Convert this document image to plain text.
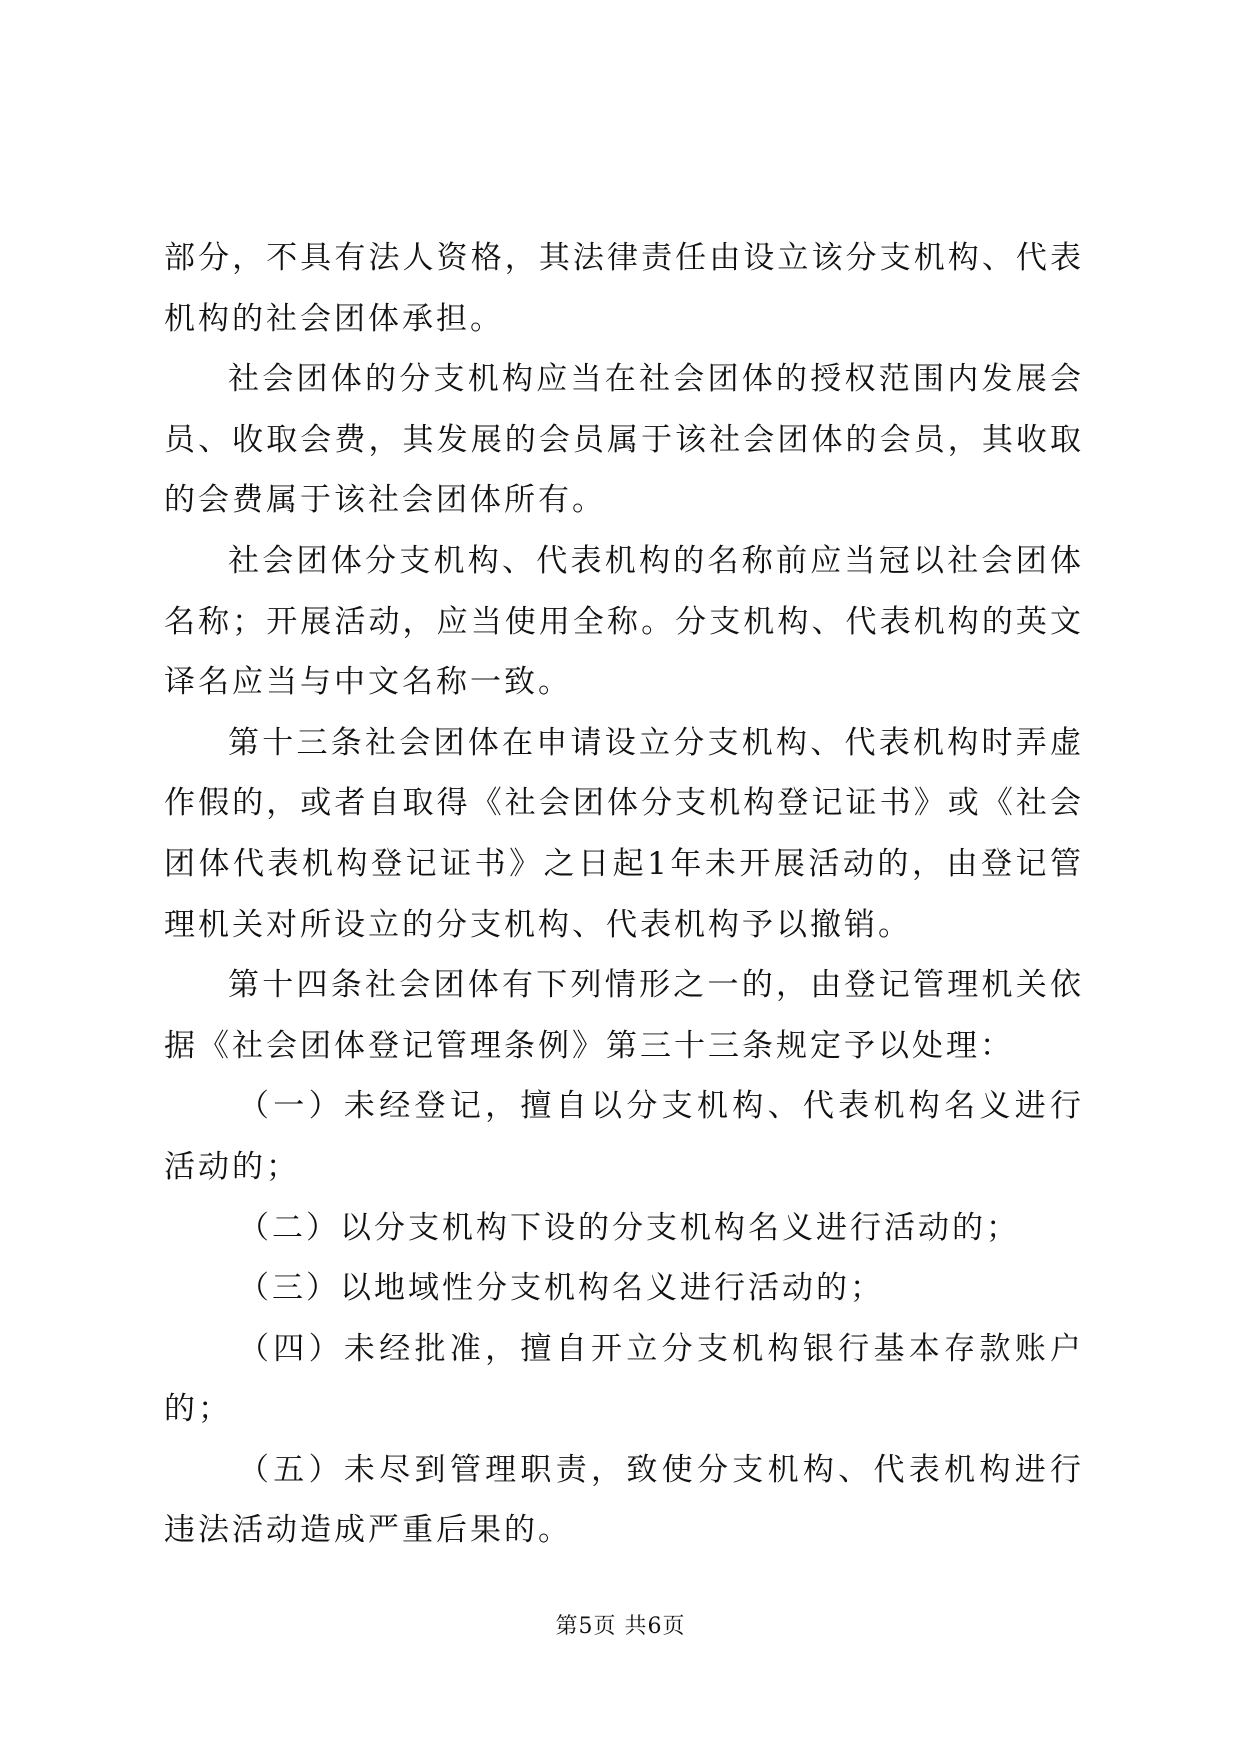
部分，不具有法人资格，其法律责任由设立该分支机构、代表机构的社会团体承担。

社会团体的分支机构应当在社会团体的授权范围内发展会员、收取会费，其发展的会员属于该社会团体的会员，其收取的会费属于该社会团体所有。

社会团体分支机构、代表机构的名称前应当冠以社会团体名称；开展活动，应当使用全称。分支机构、代表机构的英文译名应当与中文名称一致。

第十三条社会团体在申请设立分支机构、代表机构时弄虚作假的，或者自取得《社会团体分支机构登记证书》或《社会团体代表机构登记证书》之日起1年未开展活动的，由登记管理机关对所设立的分支机构、代表机构予以撤销。

第十四条社会团体有下列情形之一的，由登记管理机关依据《社会团体登记管理条例》第三十三条规定予以处理：

（一）未经登记，擅自以分支机构、代表机构名义进行活动的；

（二）以分支机构下设的分支机构名义进行活动的；

（三）以地域性分支机构名义进行活动的；

（四）未经批准，擅自开立分支机构银行基本存款账户的；

（五）未尽到管理职责，致使分支机构、代表机构进行违法活动造成严重后果的。

第5页 共6页
